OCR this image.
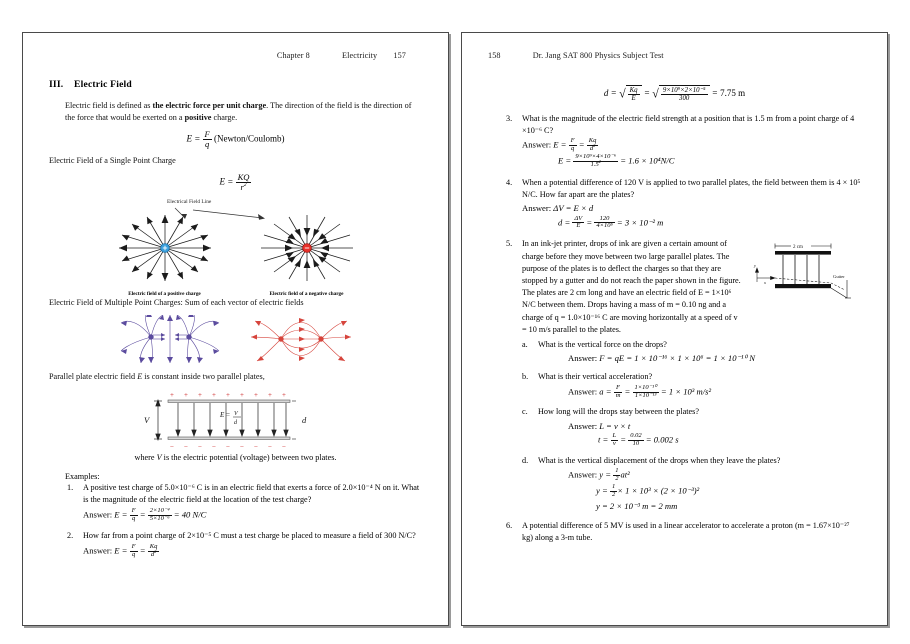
Chapter 8	Electricity 157
III. Electric Field

Electric field is defined as the electric force per unit charge. The direction of the field is the direction of the force that would be exerted on a positive charge.

$E = \frac{F}{q}$ (Newton/Coulomb)

Electric Field of a Single Point Charge

$E = \frac{KQ}{r^2}$
Electrical Field Line
Electric field of a positive charge	Electric field of a negative charge

Electric Field of Multiple Point Charges: Sum of each vector of electric fields

Parallel plate electric field E is constant inside two parallel plates,

+ + + + + + + + +
− − − − − − − − −
V	d
E = V
d

where V is the electric potential (voltage) between two plates.

Examples:
1.	A positive test charge of 5.0×10⁻⁶ C is in an electric field that exerts a force of 2.0×10⁻⁴ N on it. What is the magnitude of the electric field at the location of the test charge?
Answer: $E = \frac{F}{q} = \frac{\text{2×10⁻⁴}}{\text{5×10⁻⁶}} = 40$ N/C
2.	How far from a point charge of 2×10⁻⁵ C must a test charge be placed to measure a field of 300 N/C?
Answer: $E = \frac{F}{q} = \frac{Kq}{d^2}$
158	Dr. Jang SAT 800 Physics Subject Test
d = √ $\frac{Kq}{E}$ = √ $\frac{\text{9×10⁹×2×10⁻⁵}}{300} = 7.75$ m
3.	What is the magnitude of the electric field strength at a position that is 1.5 m from a point charge of 4 ×10⁻⁶ C?
Answer: $E = \frac{F}{q} = \frac{Kq}{d^2}$
$E = \frac{\text{9×10⁹×4×10⁻⁶}}{1.5^2} = 1.6 \times 10^4N/C$
4.	When a potential difference of 120 V is applied to two parallel plates, the field between them is 4 × 10⁵ N/C. How far apart are the plates?
Answer: ΔV = E × d
$d = \frac{\Delta V}{E} = \frac{120}{\text{4×10⁵}} = 3 \times 10^{-2}$ m
5.	In an ink-jet printer, drops of ink are given a certain amount of charge before they move between two large parallel plates. The purpose of the plates is to deflect the charges so that they are stopped by a gutter and do not reach the paper shown in the figure. The plates are 2 cm long and have an electric field of E = 1×10⁶ N/C between them. Drops having a mass of m = 0.10 ng and a charge of q = 1.0×10⁻¹⁶ C are moving horizontally at a speed of v = 10 m/s parallel to the plates.
2 cm
y
x
Gutter
a. What is the vertical force on the drops?
Answer: F = qE = 1 × 10⁻¹⁶ × 1 × 10⁶ = 1 × 10⁻¹⁰ N
b. What is their vertical acceleration?
Answer: $a = \frac{F}{m} = \frac{\text{1×10⁻¹⁰}}{\text{1×10⁻¹³}} = 1 \times 10^3$ m/s²
c. How long will the drops stay between the plates?
Answer: L = v × t
$t = \frac{L}{v} = \frac{0.02}{10} = 0.002$ s
d. What is the vertical displacement of the drops when they leave the plates?
Answer: $y = \frac{1}{2} at^2$
$y = \frac{1}{2} \times 1 \times 10^3 \times (2 \times 10^{-3})^2$
y = 2 × 10⁻³ m = 2 mm
6.	A potential difference of 5 MV is used in a linear accelerator to accelerate a proton (m = 1.67×10⁻²⁷ kg) along a 3-m tube.
